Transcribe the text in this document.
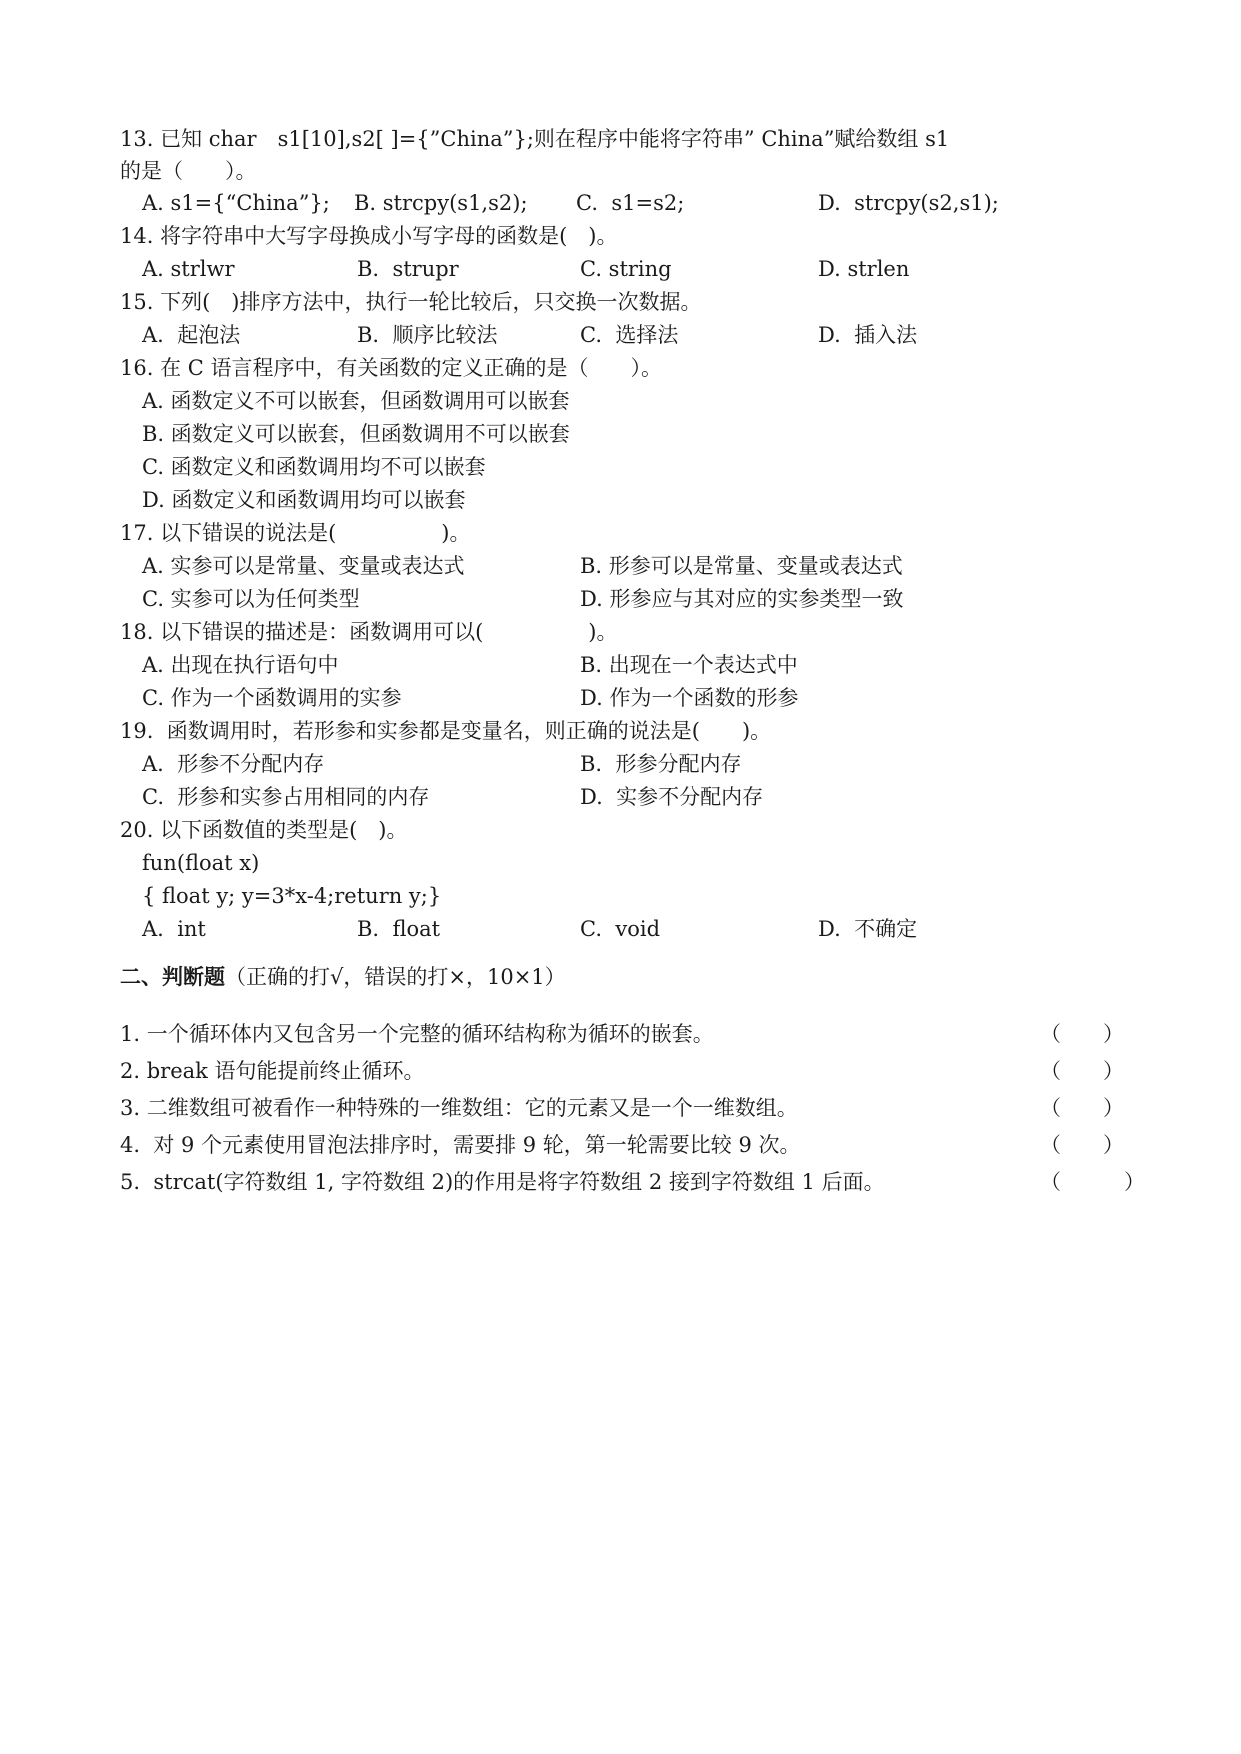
13. 已知 char　s1[10],s2[ ]={”China”};则在程序中能将字符串” China”赋给数组 s1
的是（　　）。
A. s1={“China”}; B. strcpy(s1,s2); C.  s1=s2;	D.  strcpy(s2,s1);
14. 将字符串中大写字母换成小写字母的函数是(　)。
A. strlwr	B.  strupr	C. string	D. strlen
15. 下列(　)排序方法中，执行一轮比较后，只交换一次数据。
A.  起泡法	B.  顺序比较法	C.  选择法	D.  插入法
16. 在 C 语言程序中，有关函数的定义正确的是（　　）。
A. 函数定义不可以嵌套，但函数调用可以嵌套
B. 函数定义可以嵌套，但函数调用不可以嵌套
C. 函数定义和函数调用均不可以嵌套
D. 函数定义和函数调用均可以嵌套
17. 以下错误的说法是(　　　　　)。
A. 实参可以是常量、变量或表达式	B. 形参可以是常量、变量或表达式
C. 实参可以为任何类型	D. 形参应与其对应的实参类型一致
18. 以下错误的描述是：函数调用可以(　　　　　)。
A. 出现在执行语句中	B. 出现在一个表达式中
C. 作为一个函数调用的实参	D. 作为一个函数的形参
19.  函数调用时，若形参和实参都是变量名，则正确的说法是(　　)。
A.  形参不分配内存	B.  形参分配内存
C.  形参和实参占用相同的内存	D.  实参不分配内存
20. 以下函数值的类型是(　)。
fun(float x)
{ float y; y=3*x-4;return y;}
A.  int	B.  float	C.  void	D.  不确定
二、判断题（正确的打√，错误的打×，10×1）
1. 一个循环体内又包含另一个完整的循环结构称为循环的嵌套。	（　　）
2. break 语句能提前终止循环。	（　　）
3. 二维数组可被看作一种特殊的一维数组：它的元素又是一个一维数组。	（　　）
4.  对 9 个元素使用冒泡法排序时，需要排 9 轮，第一轮需要比较 9 次。	（　　）
5.  strcat(字符数组 1, 字符数组 2)的作用是将字符数组 2 接到字符数组 1 后面。	（　　　）
